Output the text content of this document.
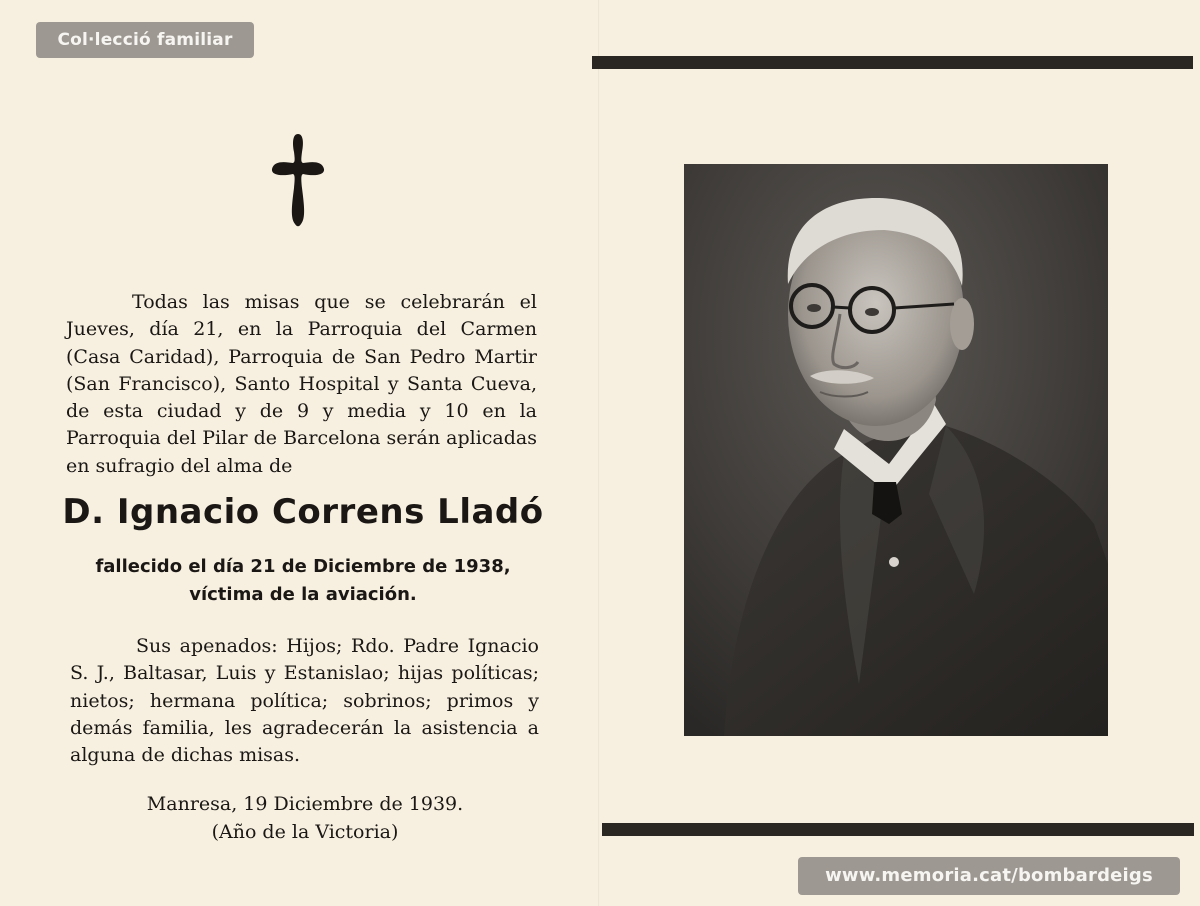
Todas las misas que se celebrarán el Jueves, día 21, en la Parroquia del Carmen (Casa Caridad), Parroquia de San Pedro Martir (San Francisco), Santo Hospital y Santa Cueva, de esta ciudad y de 9 y media y 10 en la Parroquia del Pilar de Barcelona serán aplicadas en sufragio del alma de

D. Ignacio Correns Lladó
fallecido el día 21 de Diciembre de 1938,
víctima de la aviación.

Sus apenados: Hijos; Rdo. Padre Ignacio S. J., Baltasar, Luis y Estanislao; hijas políticas; nietos; hermana política; sobrinos; primos y demás familia, les agradecerán la asistencia a alguna de dichas misas.

Manresa, 19 Diciembre de 1939.
(Año de la Victoria)
Col·lecció familiar
www.memoria.cat/bombardeigs
